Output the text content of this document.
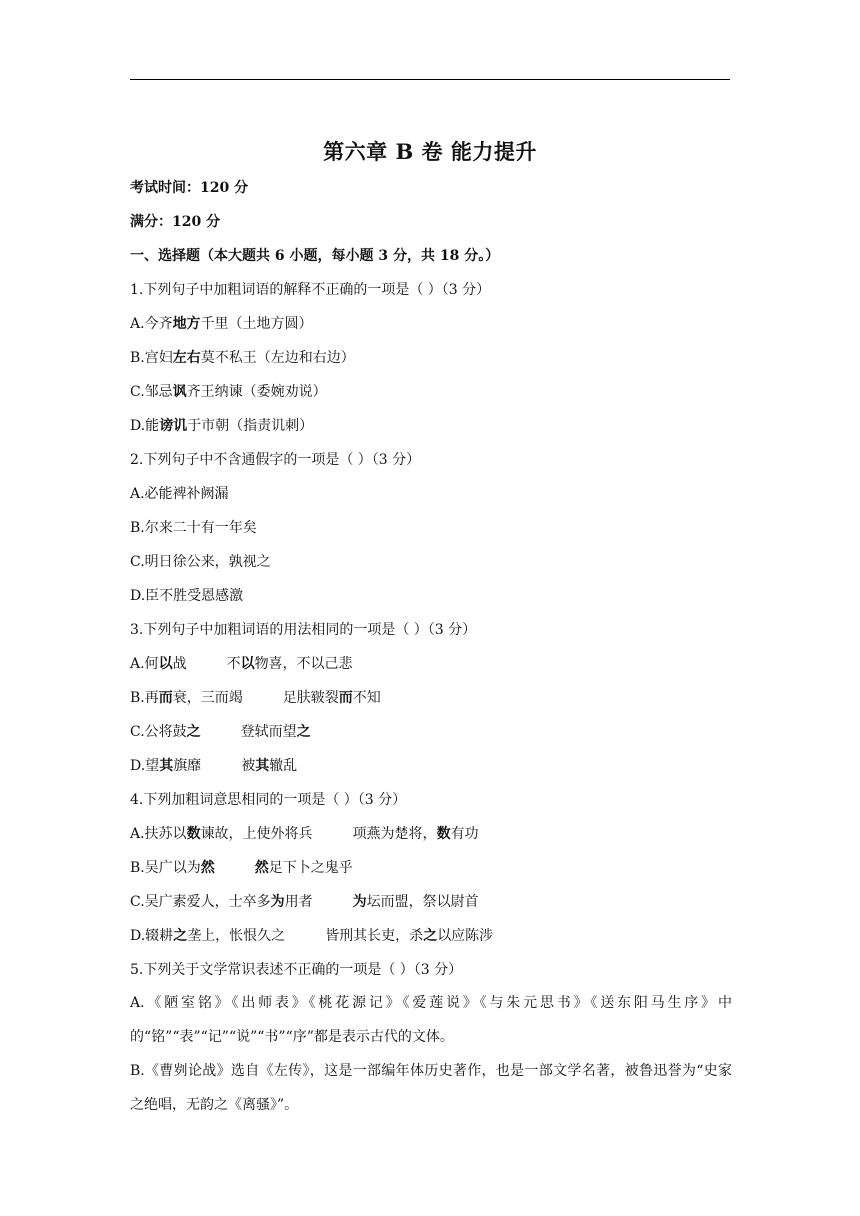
第六章 B 卷 能力提升
考试时间：120 分
满分：120 分
一、选择题（本大题共 6 小题，每小题 3 分，共 18 分。）
1.下列句子中加粗词语的解释不正确的一项是（ ）（3 分）
A.今齐地方千里（土地方圆）
B.宫妇左右莫不私王（左边和右边）
C.邹忌讽齐王纳谏（委婉劝说）
D.能谤讥于市朝（指责讥刺）
2.下列句子中不含通假字的一项是（ ）（3 分）
A.必能裨补阙漏
B.尔来二十有一年矣
C.明日徐公来，孰视之
D.臣不胜受恩感激
3.下列句子中加粗词语的用法相同的一项是（ ）（3 分）
A.何以战	不以物喜，不以己悲
B.再而衰，三而竭	足肤皲裂而不知
C.公将鼓之	登轼而望之
D.望其旗靡	被其辙乱
4.下列加粗词意思相同的一项是（ ）（3 分）
A.扶苏以数谏故，上使外将兵	项燕为楚将，数有功
B.吴广以为然	然足下卜之鬼乎
C.吴广素爱人，士卒多为用者	为坛而盟，祭以尉首
D.辍耕之垄上，怅恨久之	皆刑其长吏，杀之以应陈涉
5.下列关于文学常识表述不正确的一项是（ ）（3 分）
A.《陋室铭》《出师表》《桃花源记》《爱莲说》《与朱元思书》《送东阳马生序》中的“铭”“表”“记”“说”“书”“序”都是表示古代的文体。
B.《曹刿论战》选自《左传》，这是一部编年体历史著作，也是一部文学名著，被鲁迅誉为“史家之绝唱，无韵之《离骚》”。
